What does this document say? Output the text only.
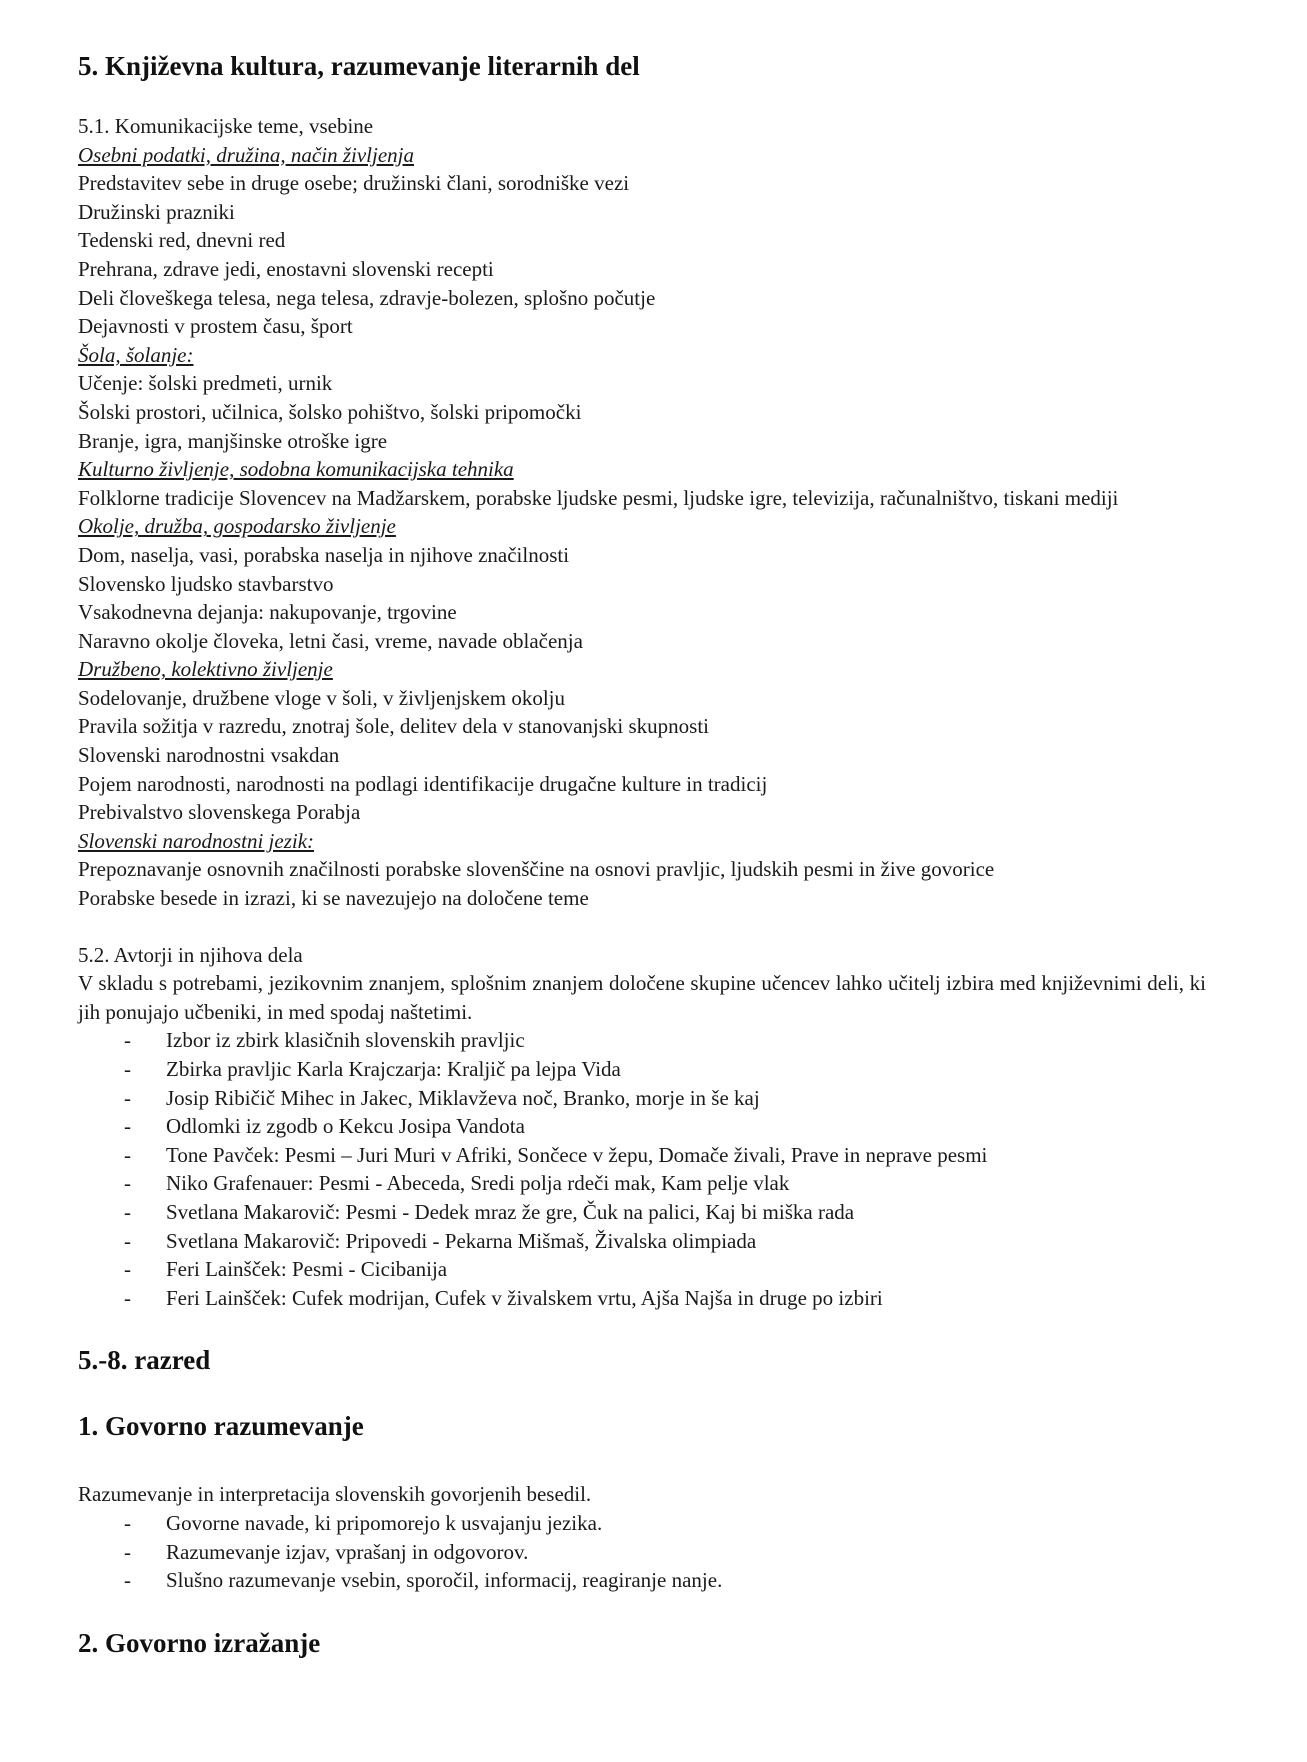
5. Književna kultura, razumevanje literarnih del
5.1. Komunikacijske teme, vsebine
Osebni podatki, družina, način življenja
Predstavitev sebe in druge osebe; družinski člani, sorodniške vezi
Družinski prazniki
Tedenski red, dnevni red
Prehrana, zdrave jedi, enostavni slovenski recepti
Deli človeškega telesa, nega telesa, zdravje-bolezen, splošno počutje
Dejavnosti v prostem času, šport
Šola, šolanje:
Učenje: šolski predmeti, urnik
Šolski prostori, učilnica, šolsko pohištvo, šolski pripomočki
Branje, igra, manjšinske otroške igre
Kulturno življenje, sodobna komunikacijska tehnika
Folklorne tradicije Slovencev na Madžarskem, porabske ljudske pesmi, ljudske igre, televizija, računalništvo, tiskani mediji
Okolje, družba, gospodarsko življenje
Dom, naselja, vasi, porabska naselja in njihove značilnosti
Slovensko ljudsko stavbarstvo
Vsakodnevna dejanja: nakupovanje, trgovine
Naravno okolje človeka, letni časi, vreme, navade oblačenja
Družbeno, kolektivno življenje
Sodelovanje, družbene vloge v šoli, v življenjskem okolju
Pravila sožitja v razredu, znotraj šole, delitev dela v stanovanjski skupnosti
Slovenski narodnostni vsakdan
Pojem narodnosti, narodnosti na podlagi identifikacije drugačne kulture in tradicij
Prebivalstvo slovenskega Porabja
Slovenski narodnostni jezik:
Prepoznavanje osnovnih značilnosti porabske slovenščine na osnovi pravljic, ljudskih pesmi in žive govorice
Porabske besede in izrazi, ki se navezujejo na določene teme
5.2. Avtorji in njihova dela
V skladu s potrebami, jezikovnim znanjem, splošnim znanjem določene skupine učencev lahko učitelj izbira med književnimi deli, ki jih ponujajo učbeniki, in med spodaj naštetimi.
- Izbor iz zbirk klasičnih slovenskih pravljic
- Zbirka pravljic Karla Krajczarja: Kraljič pa lejpa Vida
- Josip Ribičič Mihec in Jakec, Miklavževa noč, Branko, morje in še kaj
- Odlomki iz zgodb o Kekcu Josipa Vandota
- Tone Pavček: Pesmi – Juri Muri v Afriki, Sončece v žepu, Domače živali, Prave in neprave pesmi
- Niko Grafenauer: Pesmi - Abeceda, Sredi polja rdeči mak, Kam pelje vlak
- Svetlana Makarovič: Pesmi - Dedek mraz že gre, Čuk na palici, Kaj bi miška rada
- Svetlana Makarovič: Pripovedi - Pekarna Mišmaš, Živalska olimpiada
- Feri Lainšček: Pesmi - Cicibanija
- Feri Lainšček: Cufek modrijan, Cufek v živalskem vrtu, Ajša Najša in druge po izbiri
5.-8. razred
1. Govorno razumevanje
Razumevanje in interpretacija slovenskih govorjenih besedil.
- Govorne navade, ki pripomorejo k usvajanju jezika.
- Razumevanje izjav, vprašanj in odgovorov.
- Slušno razumevanje vsebin, sporočil, informacij, reagiranje nanje.
2. Govorno izražanje
